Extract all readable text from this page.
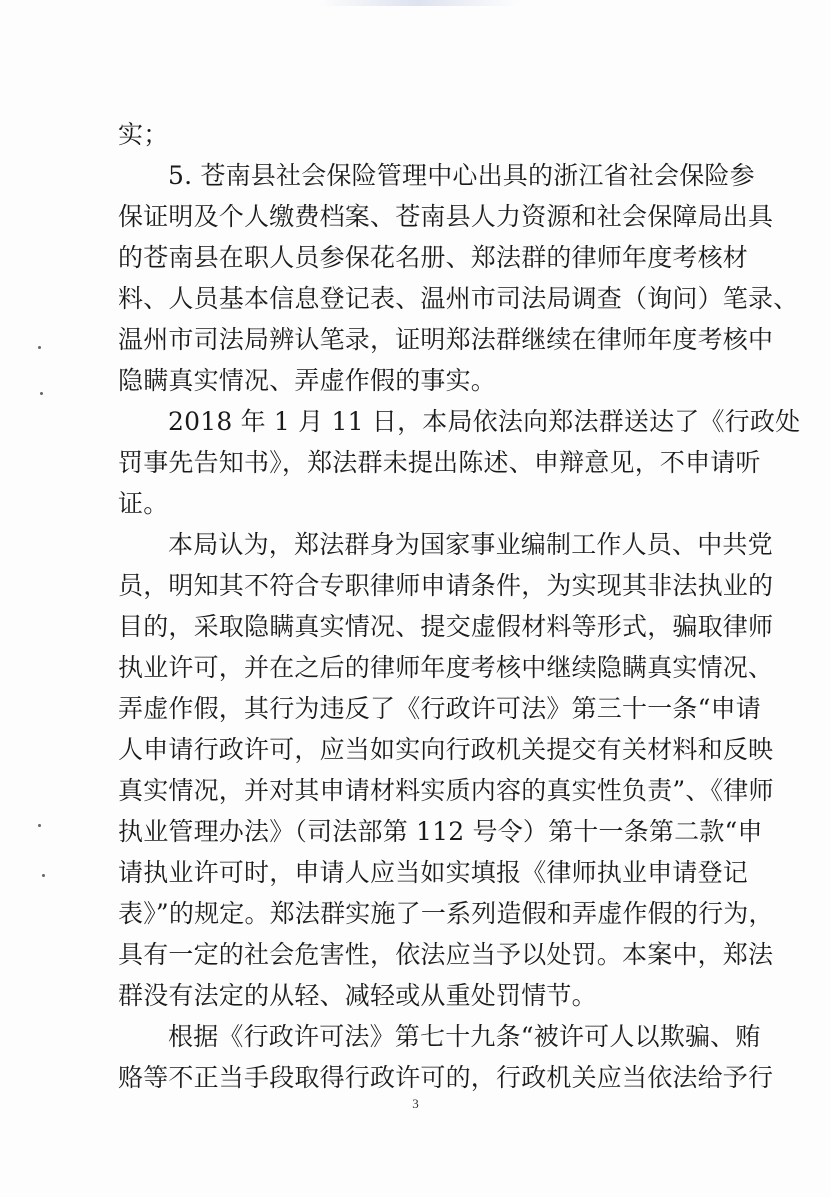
实；
5. 苍南县社会保险管理中心出具的浙江省社会保险参
保证明及个人缴费档案、苍南县人力资源和社会保障局出具
的苍南县在职人员参保花名册、郑法群的律师年度考核材
料、人员基本信息登记表、温州市司法局调查（询问）笔录、
温州市司法局辨认笔录，证明郑法群继续在律师年度考核中
隐瞒真实情况、弄虚作假的事实。
2018 年 1 月 11 日，本局依法向郑法群送达了《行政处
罚事先告知书》，郑法群未提出陈述、申辩意见，不申请听
证。
本局认为，郑法群身为国家事业编制工作人员、中共党
员，明知其不符合专职律师申请条件，为实现其非法执业的
目的，采取隐瞒真实情况、提交虚假材料等形式，骗取律师
执业许可，并在之后的律师年度考核中继续隐瞒真实情况、
弄虚作假，其行为违反了《行政许可法》第三十一条“申请
人申请行政许可，应当如实向行政机关提交有关材料和反映
真实情况，并对其申请材料实质内容的真实性负责”、《律师
执业管理办法》（司法部第 112 号令）第十一条第二款“申
请执业许可时，申请人应当如实填报《律师执业申请登记
表》”的规定。郑法群实施了一系列造假和弄虚作假的行为，
具有一定的社会危害性，依法应当予以处罚。本案中，郑法
群没有法定的从轻、减轻或从重处罚情节。
根据《行政许可法》第七十九条“被许可人以欺骗、贿
赂等不正当手段取得行政许可的，行政机关应当依法给予行
3
